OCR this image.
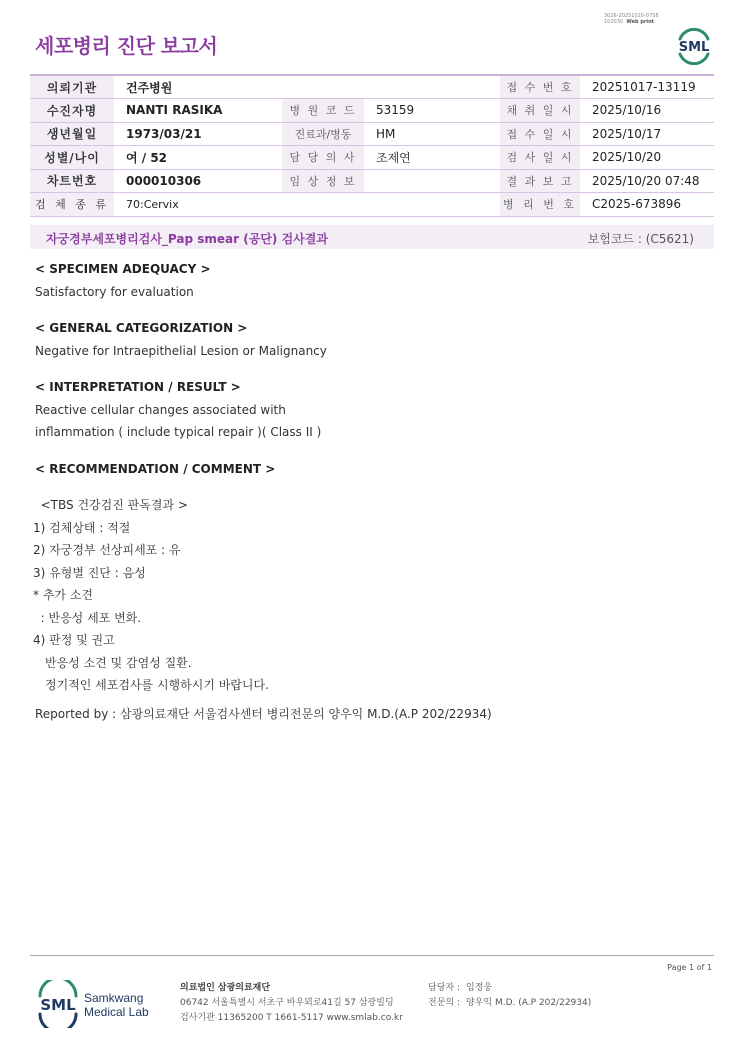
3026-20251020-0758
102030 Web print
세포병리 진단 보고서	SML
의뢰기관	건주병원			접 수 번 호	20251017-13119
수진자명	NANTI RASIKA	병 원 코 드	53159	채 취 일 시	2025/10/16
생년월일	1973/03/21	진료과/병동	HM	접 수 일 시	2025/10/17
성별/나이	여 / 52	담 당 의 사	조제연	검 사 일 시	2025/10/20
차트번호	000010306	임 상 정 보		결 과 보 고	2025/10/20 07:48
검 체 종 류	70:Cervix			병 리 번 호	C2025-673896
자궁경부세포병리검사_Pap smear (공단) 검사결과	보험코드 : (C5621)

< SPECIMEN ADEQUACY >

Satisfactory for evaluation

< GENERAL CATEGORIZATION >

Negative for Intraepithelial Lesion or Malignancy

< INTERPRETATION / RESULT >

Reactive cellular changes associated with

inflammation ( include typical repair )( Class II )

< RECOMMENDATION / COMMENT >

<TBS 건강검진 판독결과 >

1) 검체상태 : 적절

2) 자궁경부 선상피세포 : 유

3) 유형별 진단 : 음성

* 추가 소견

: 반응성 세포 변화.

4) 판정 및 권고

반응성 소견 및 감염성 질환.

정기적인 세포검사를 시행하시기 바랍니다.

Reported by : 삼광의료재단 서울검사센터 병리전문의 양우익 M.D.(A.P 202/22934)

Page 1 of 1
SML Samkwang
Medical Lab
의료법인 삼광의료재단
06742 서울특별시 서초구 바우뫼로41길 57 삼광빌딩
검사기관 11365200 T 1661-5117 www.smlab.co.kr
담당자 : 임정웅
전문의 : 양우익 M.D. (A.P 202/22934)
